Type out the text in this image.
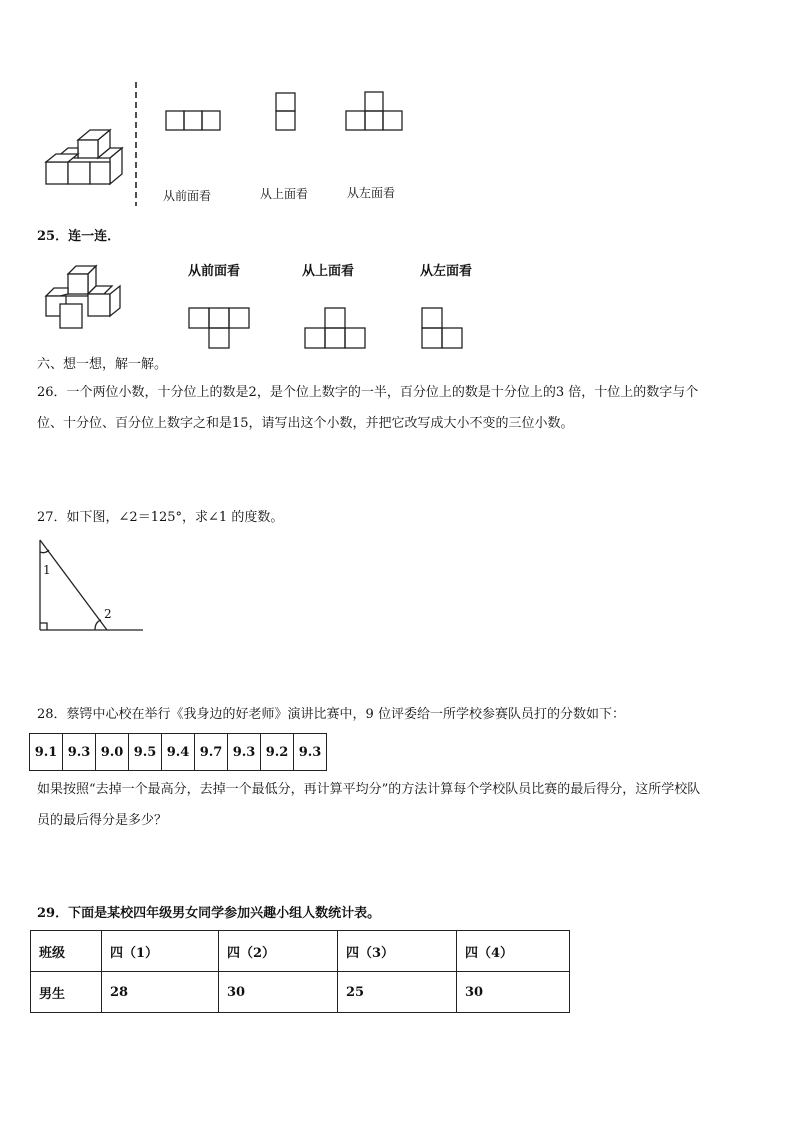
从前面看	从上面看	从左面看
25．连一连．
从前面看	从上面看	从左面看
六、想一想，解一解。
26．一个两位小数，十分位上的数是2，是个位上数字的一半，百分位上的数是十分位上的3 倍，十位上的数字与个
位、十分位、百分位上数字之和是15，请写出这个小数，并把它改写成大小不变的三位小数。
27．如下图，∠2＝125°，求∠1 的度数。
1
2
28．蔡锷中心校在举行《我身边的好老师》演讲比赛中，9 位评委给一所学校参赛队员打的分数如下：
9.1	9.3	9.0	9.5	9.4	9.7	9.3	9.2	9.3
如果按照“去掉一个最高分，去掉一个最低分，再计算平均分”的方法计算每个学校队员比赛的最后得分，这所学校队
员的最后得分是多少？
29．下面是某校四年级男女同学参加兴趣小组人数统计表。
班级	四（1）	四（2）	四（3）	四（4）
男生	28	30	25	30
